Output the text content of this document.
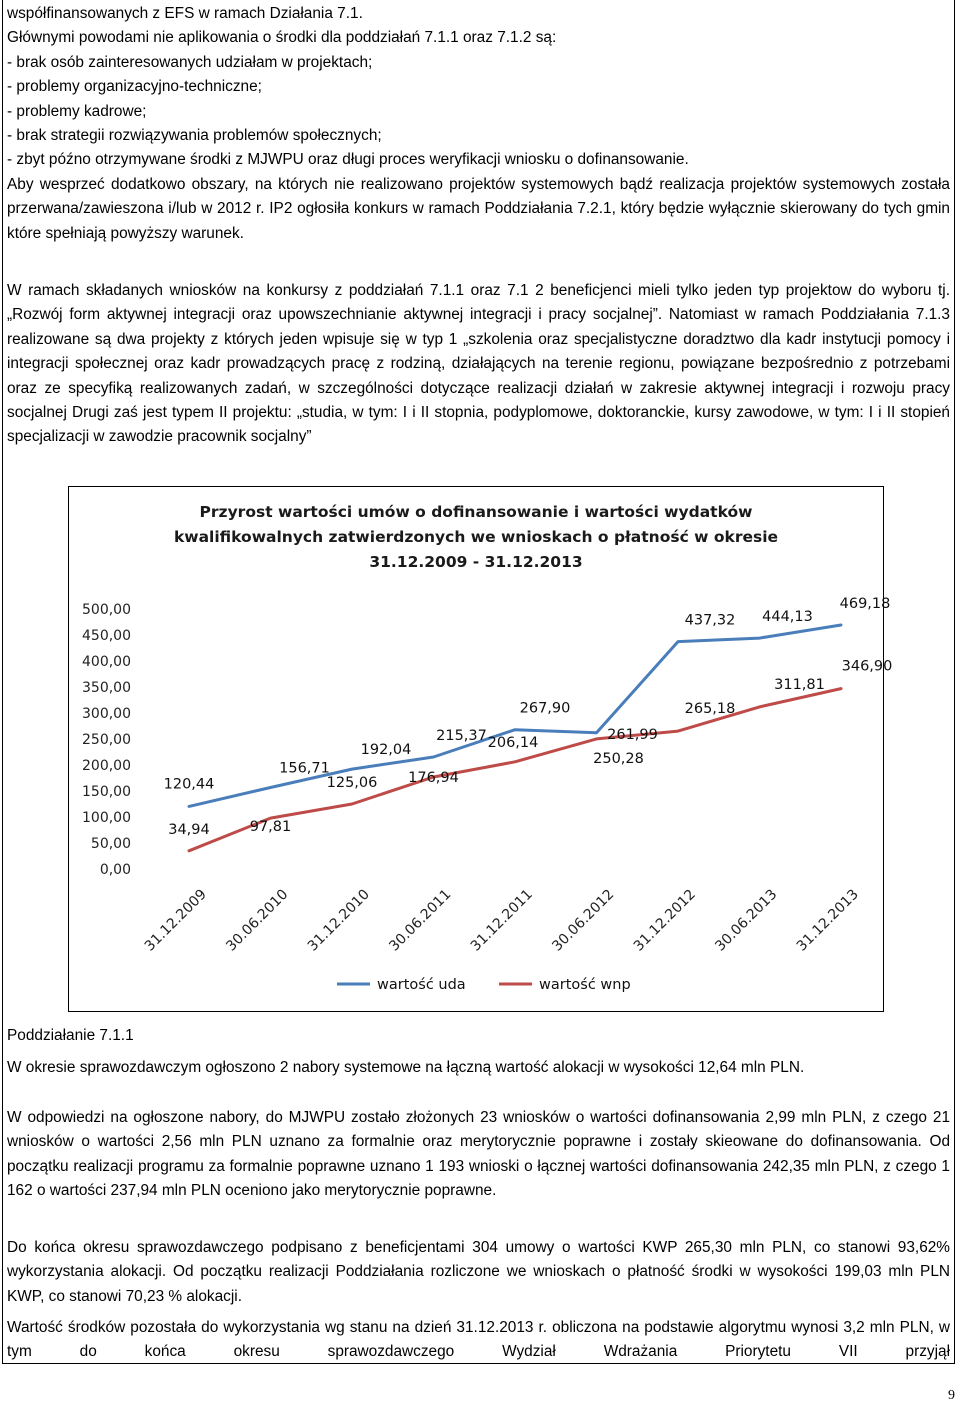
współfinansowanych z EFS w ramach Działania 7.1.
Głównymi powodami nie aplikowania o środki dla poddziałań 7.1.1 oraz 7.1.2 są:
- brak osób zainteresowanych udziałam w projektach;
- problemy organizacyjno-techniczne;
- problemy kadrowe;
- brak strategii rozwiązywania problemów społecznych;
- zbyt późno otrzymywane środki z MJWPU oraz długi proces weryfikacji wniosku o dofinansowanie.
Aby wesprzeć dodatkowo obszary, na których nie realizowano projektów systemowych bądź realizacja projektów systemowych została przerwana/zawieszona i/lub w 2012 r. IP2 ogłosiła konkurs w ramach Poddziałania 7.2.1, który będzie wyłącznie skierowany do tych gmin które spełniają powyższy warunek.
W ramach składanych wniosków na konkursy z poddziałań 7.1.1 oraz 7.1 2 beneficjenci mieli tylko jeden typ projektow do wyboru tj. „Rozwój form aktywnej integracji oraz upowszechnianie aktywnej integracji i pracy socjalnej”. Natomiast w ramach Poddziałania 7.1.3 realizowane są dwa projekty z których jeden wpisuje się w typ 1 „szkolenia oraz specjalistyczne doradztwo dla kadr instytucji pomocy i integracji społecznej oraz kadr prowadzących pracę z rodziną, działających na terenie regionu, powiązane bezpośrednio z potrzebami oraz ze specyfiką realizowanych zadań, w szczególności dotyczące realizacji działań w zakresie aktywnej integracji i rozwoju pracy socjalnej Drugi zaś jest typem II projektu: „studia, w tym: I i II stopnia, podyplomowe, doktoranckie, kursy zawodowe, w tym: I i II stopień specjalizacji w zawodzie pracownik socjalny”
Przyrost wartości umów o dofinansowanie i wartości wydatków
kwalifikowalnych zatwierdzonych we wnioskach o płatność w okresie
31.12.2009 - 31.12.2013
0,00
50,00
100,00
150,00
200,00
250,00
300,00
350,00
400,00
450,00
500,00
31.12.2009 30.06.2010 31.12.2010 30.06.2011 31.12.2011 30.06.2012 31.12.2012 30.06.2013 31.12.2013
120,44
156,71
192,04
215,37
267,90
261,99
437,32 444,13
469,18
34,94	97,81
125,06 176,94
206,14
250,28
265,18
311,81
346,90
wartość uda	wartość wnp
Poddziałanie 7.1.1
W okresie sprawozdawczym ogłoszono 2 nabory systemowe na łączną wartość alokacji w wysokości 12,64 mln PLN.
W odpowiedzi na ogłoszone nabory, do MJWPU zostało złożonych 23 wniosków o wartości dofinansowania 2,99 mln PLN, z czego 21 wniosków o wartości 2,56 mln PLN uznano za formalnie oraz merytorycznie poprawne i zostały skieowane do dofinansowania. Od początku realizacji programu za formalnie poprawne uznano 1 193 wnioski o łącznej wartości dofinansowania 242,35 mln PLN, z czego 1 162 o wartości 237,94 mln PLN oceniono jako merytorycznie poprawne.
Do końca okresu sprawozdawczego podpisano z beneficjentami 304 umowy o wartości KWP 265,30 mln PLN, co stanowi 93,62% wykorzystania alokacji. Od początku realizacji Poddziałania rozliczone we wnioskach o płatność środki w wysokości 199,03 mln PLN KWP, co stanowi 70,23 % alokacji.
Wartość środków pozostała do wykorzystania wg stanu na dzień 31.12.2013 r. obliczona na podstawie algorytmu wynosi 3,2 mln PLN, w tym do końca okresu sprawozdawczego Wydział Wdrażania Priorytetu VII przyjął
9
